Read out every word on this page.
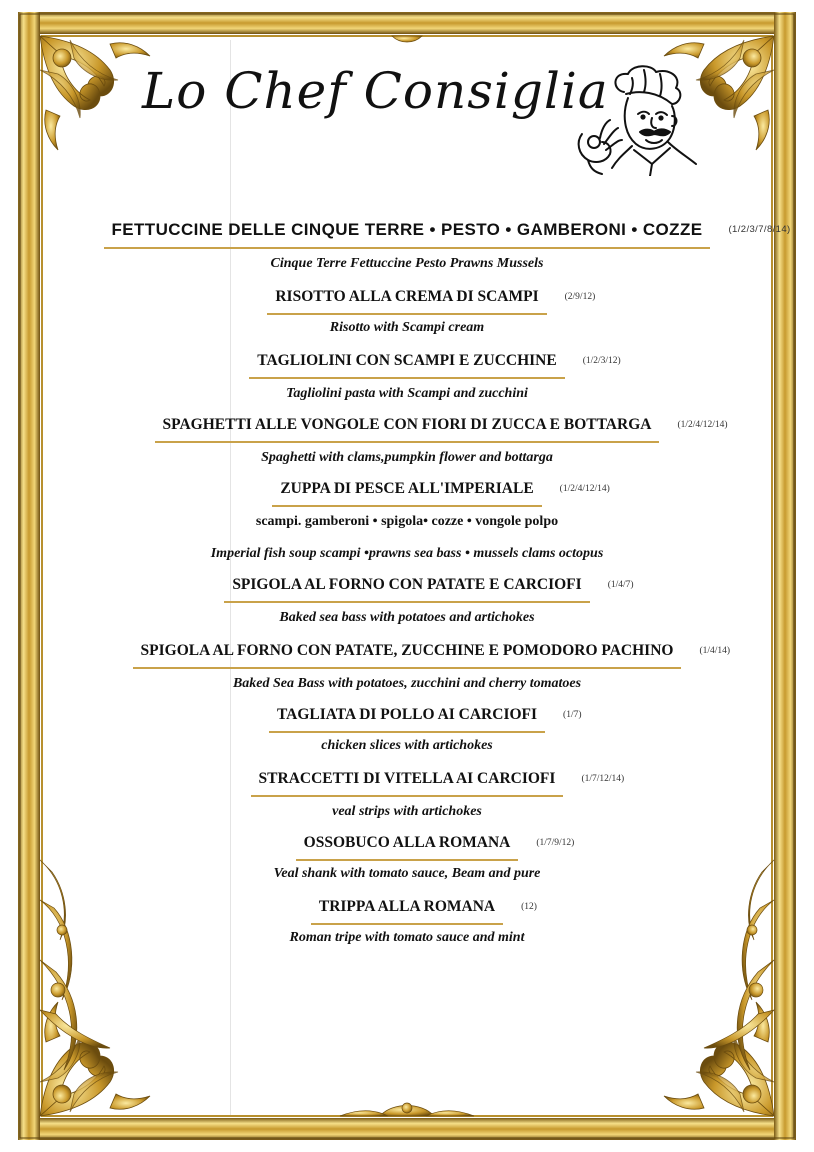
Lo Chef Consiglia
FETTUCCINE DELLE CINQUE TERRE • PESTO • GAMBERONI • COZZE	(1/2/3/7/8/14)
Cinque Terre Fettuccine Pesto Prawns Mussels
RISOTTO ALLA CREMA DI SCAMPI	(2/9/12)
Risotto with Scampi cream
TAGLIOLINI CON SCAMPI E ZUCCHINE	(1/2/3/12)
Tagliolini pasta with Scampi and zucchini
SPAGHETTI ALLE VONGOLE CON FIORI DI ZUCCA E BOTTARGA	(1/2/4/12/14)
Spaghetti with clams,pumpkin flower and bottarga
ZUPPA DI PESCE ALL'IMPERIALE	(1/2/4/12/14)
scampi. gamberoni • spigola• cozze • vongole polpo
Imperial fish soup scampi •prawns sea bass • mussels clams octopus
SPIGOLA AL FORNO CON PATATE E CARCIOFI	(1/4/7)
Baked sea bass with potatoes and artichokes
SPIGOLA AL FORNO CON PATATE, ZUCCHINE E POMODORO PACHINO	(1/4/14)
Baked Sea Bass with potatoes, zucchini and cherry tomatoes
TAGLIATA DI POLLO AI CARCIOFI	(1/7)
chicken slices with artichokes
STRACCETTI DI VITELLA AI CARCIOFI	(1/7/12/14)
veal strips with artichokes
OSSOBUCO ALLA ROMANA	(1/7/9/12)
Veal shank with tomato sauce, Beam and pure
TRIPPA ALLA ROMANA	(12)
Roman tripe with tomato sauce and mint
